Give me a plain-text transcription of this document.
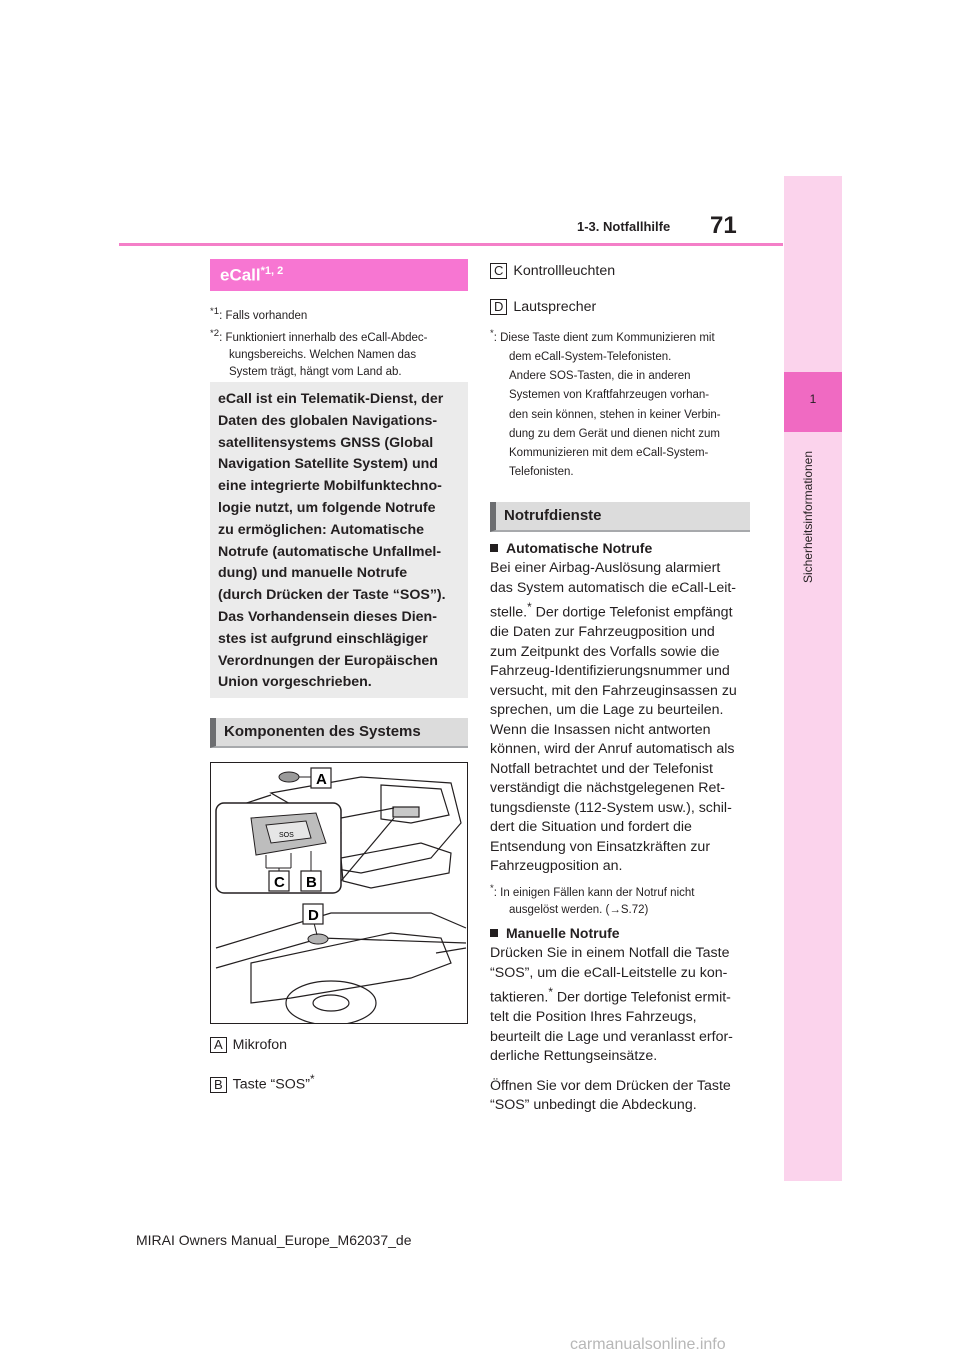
1-3. Notfallhilfe 71
1
Sicherheitsinformationen
eCall$^{*1, 2}$
$^{*1}$: Falls vorhanden
$^{*2}$: Funktioniert innerhalb des eCall-Abdec-
kungsbereichs. Welchen Namen das
System trägt, hängt vom Land ab.
eCall ist ein Telematik-Dienst, der
Daten des globalen Navigations-
satellitensystems GNSS (Global
Navigation Satellite System) und
eine integrierte Mobilfunktechno-
logie nutzt, um folgende Notrufe
zu ermöglichen: Automatische
Notrufe (automatische Unfallmel-
dung) und manuelle Notrufe
(durch Drücken der Taste “SOS”).
Das Vorhandensein dieses Dien-
stes ist aufgrund einschlägiger
Verordnungen der Europäischen
Union vorgeschrieben.
Komponenten des Systems
A
SOS
C B
D
A Mikrofon
B Taste “SOS”*
C Kontrollleuchten
D Lautsprecher
*: Diese Taste dient zum Kommunizieren mit
dem eCall-System-Telefonisten.
Andere SOS-Tasten, die in anderen
Systemen von Kraftfahrzeugen vorhan-
den sein können, stehen in keiner Verbin-
dung zu dem Gerät und dienen nicht zum
Kommunizieren mit dem eCall-System-
Telefonisten.
Notrufdienste
Automatische Notrufe
Bei einer Airbag-Auslösung alarmiert
das System automatisch die eCall-Leit-
stelle.* Der dortige Telefonist empfängt
die Daten zur Fahrzeugposition und
zum Zeitpunkt des Vorfalls sowie die
Fahrzeug-Identifizierungsnummer und
versucht, mit den Fahrzeuginsassen zu
sprechen, um die Lage zu beurteilen.
Wenn die Insassen nicht antworten
können, wird der Anruf automatisch als
Notfall betrachtet und der Telefonist
verständigt die nächstgelegenen Ret-
tungsdienste (112-System usw.), schil-
dert die Situation und fordert die
Entsendung von Einsatzkräften zur
Fahrzeugposition an.
*: In einigen Fällen kann der Notruf nicht
ausgelöst werden. (→S.72)
Manuelle Notrufe
Drücken Sie in einem Notfall die Taste
“SOS”, um die eCall-Leitstelle zu kon-
taktieren.* Der dortige Telefonist ermit-
telt die Position Ihres Fahrzeugs,
beurteilt die Lage und veranlasst erfor-
derliche Rettungseinsätze.
Öffnen Sie vor dem Drücken der Taste
“SOS” unbedingt die Abdeckung.
MIRAI Owners Manual_Europe_M62037_de
carmanualsonline.info
